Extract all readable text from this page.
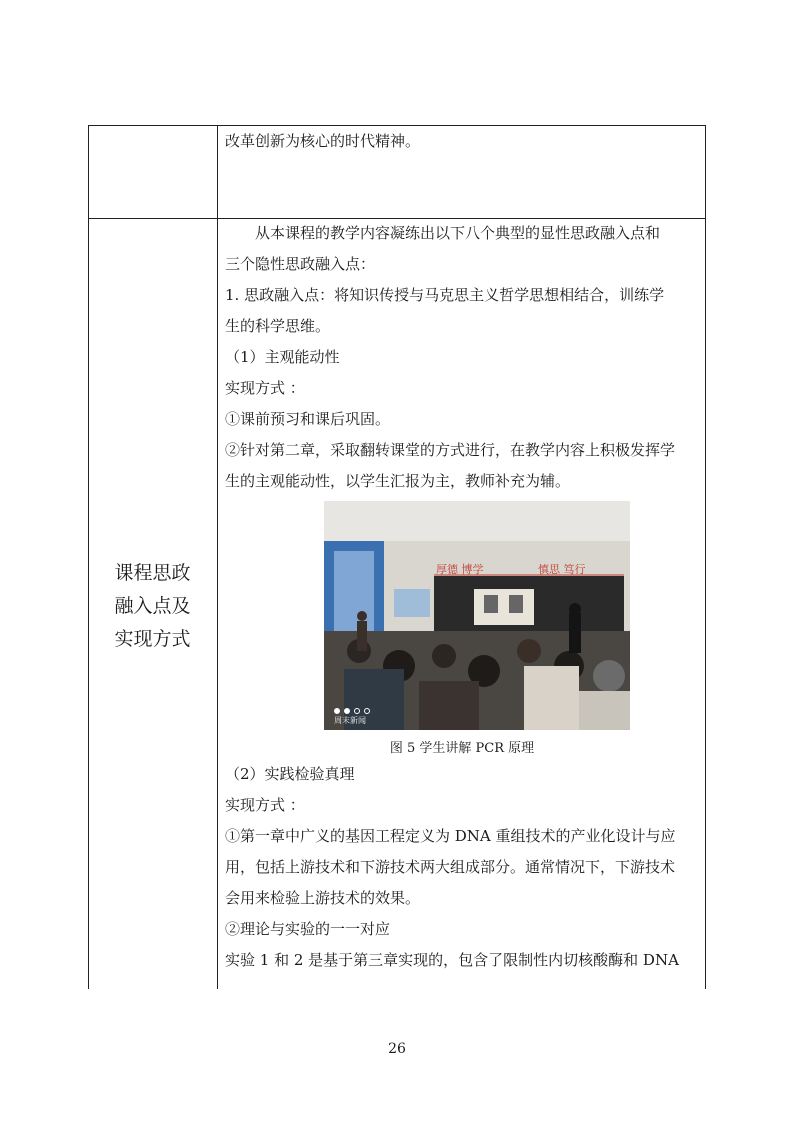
改革创新为核心的时代精神。

课程思政
融入点及
实现方式

从本课程的教学内容凝练出以下八个典型的显性思政融入点和

三个隐性思政融入点：

1. 思政融入点：将知识传授与马克思主义哲学思想相结合，训练学

生的科学思维。

（1）主观能动性

实现方式 ：

①课前预习和课后巩固。

②针对第二章，采取翻转课堂的方式进行，在教学内容上积极发挥学

生的主观能动性，以学生汇报为主，教师补充为辅。

厚德 博学	慎思 笃行
周末新闻
图 5 学生讲解 PCR 原理

（2）实践检验真理

实现方式 ：

①第一章中广义的基因工程定义为 DNA 重组技术的产业化设计与应

用，包括上游技术和下游技术两大组成部分。通常情况下，下游技术

会用来检验上游技术的效果。

②理论与实验的一一对应

实验 1 和 2 是基于第三章实现的，包含了限制性内切核酸酶和 DNA

26
